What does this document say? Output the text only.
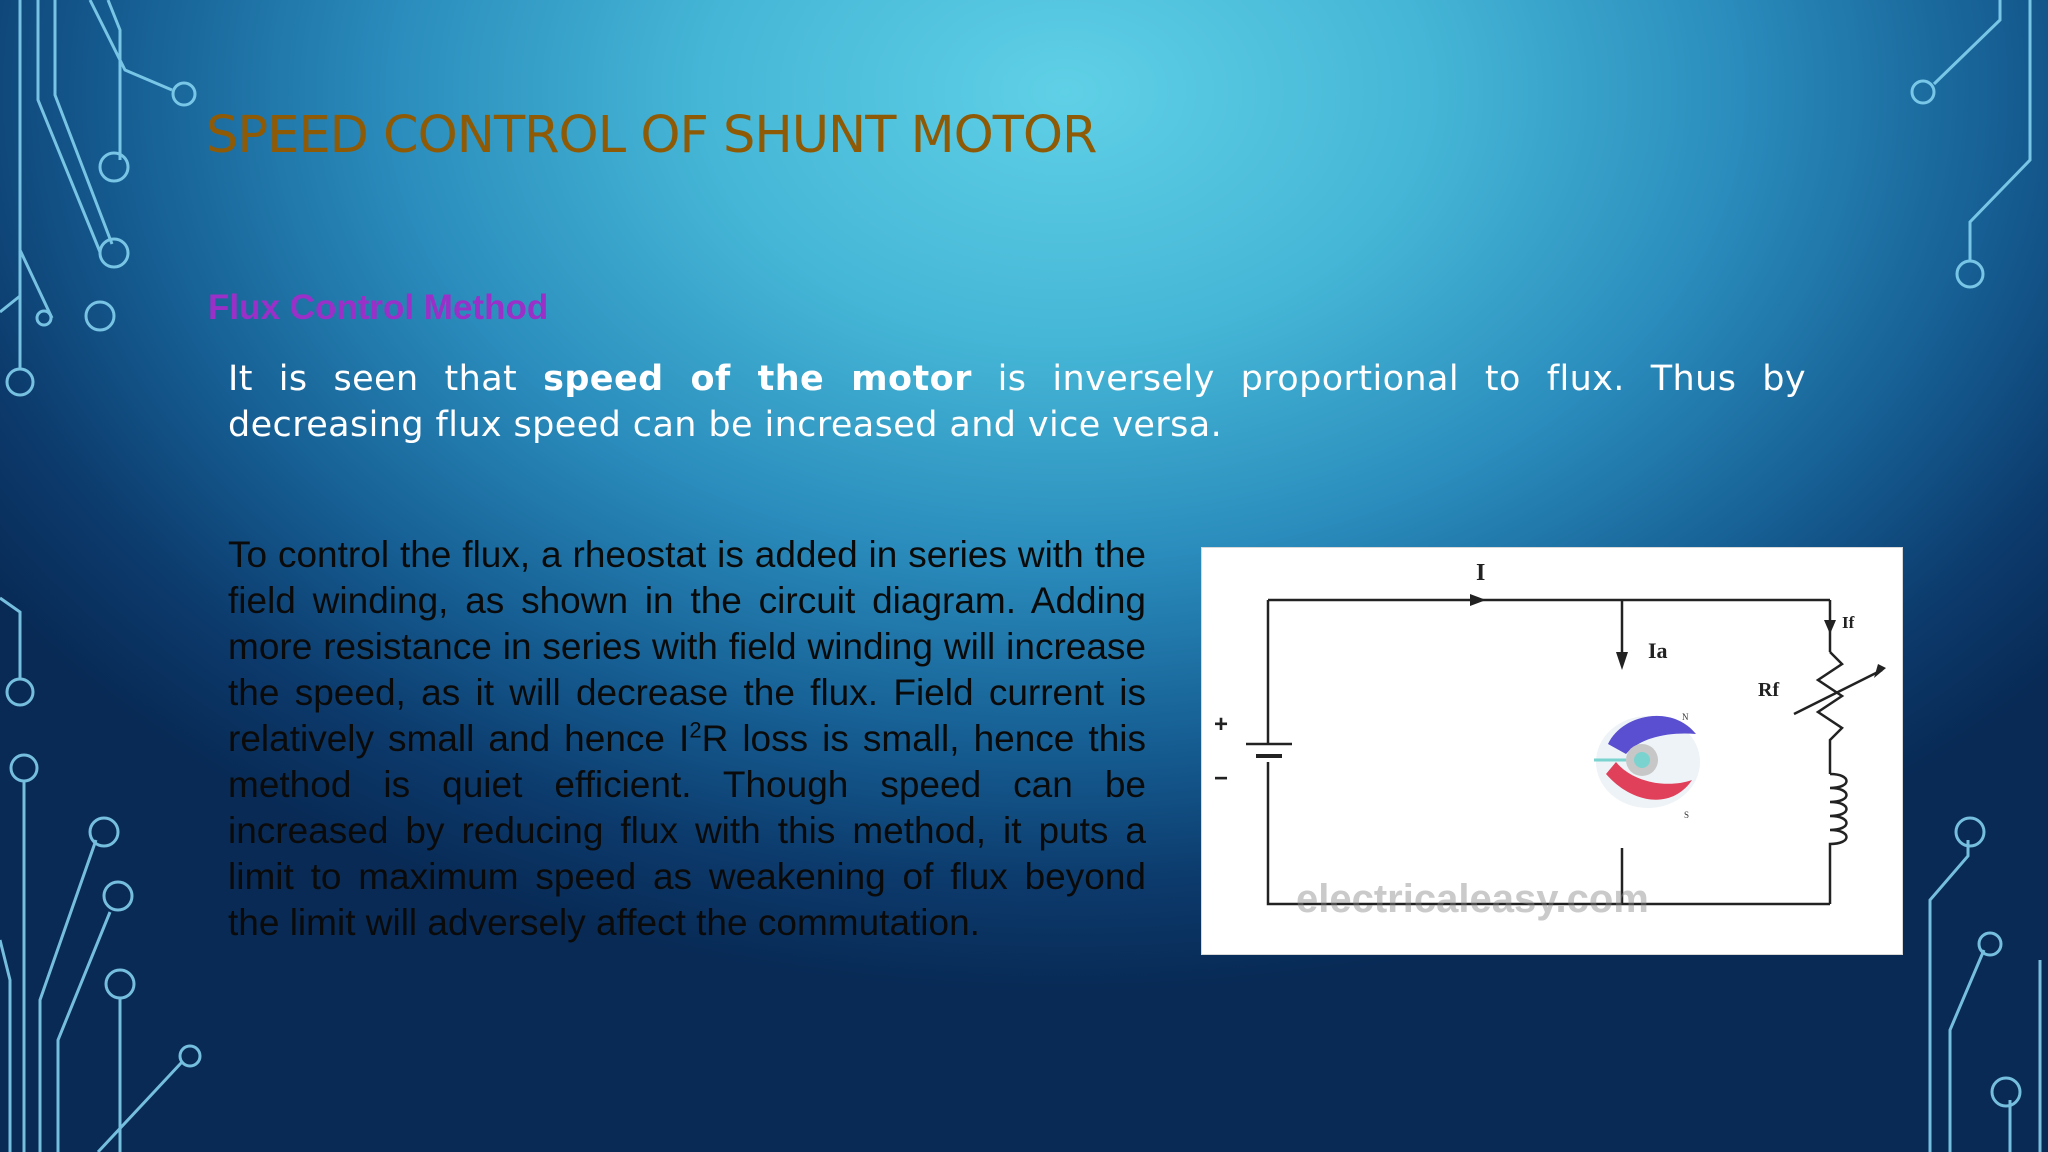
SPEED CONTROL OF SHUNT MOTOR
Flux Control Method

It is seen that speed of the motor is inversely proportional to flux. Thus by decreasing flux speed can be increased and vice versa.

To control the flux, a rheostat is added in series with the field winding, as shown in the circuit diagram. Adding more resistance in series with field winding will increase the speed, as it will decrease the flux. Field current is relatively small and hence $I^2R$ loss is small, hence this method is quiet efficient. Though speed can be increased by reducing flux with this method, it puts a limit to maximum speed as weakening of flux beyond the limit will adversely affect the commutation.

N
S
I
Ia
If
Rf
+
−
electricaleasy.com
